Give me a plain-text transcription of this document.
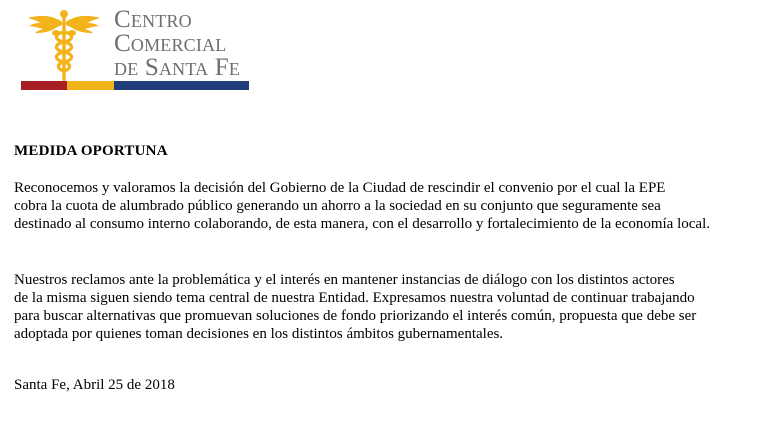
Centro
Comercial
de Santa Fe
MEDIDA OPORTUNA
Reconocemos y valoramos la decisión del Gobierno de la Ciudad de rescindir el convenio por el cual la EPE
cobra la cuota de alumbrado público generando un ahorro a la sociedad en su conjunto que seguramente sea
destinado al consumo interno colaborando, de esta manera, con el desarrollo y fortalecimiento de la economía local.
Nuestros reclamos ante la problemática y el interés en mantener instancias de diálogo con los distintos actores
de la misma siguen siendo tema central de nuestra Entidad. Expresamos nuestra voluntad de continuar trabajando
para buscar alternativas que promuevan soluciones de fondo priorizando el interés común, propuesta que debe ser
adoptada por quienes toman decisiones en los distintos ámbitos gubernamentales.
Santa Fe, Abril 25 de 2018
